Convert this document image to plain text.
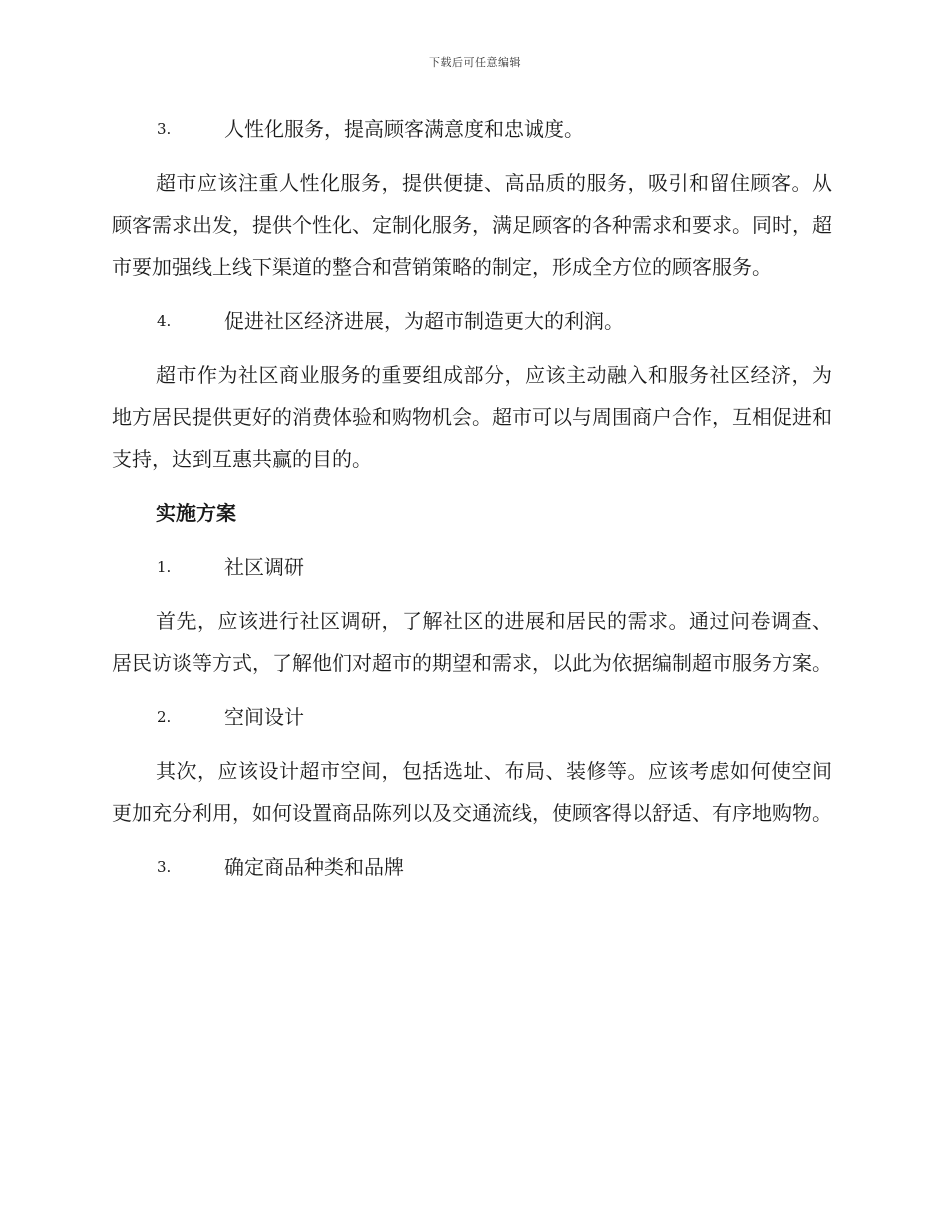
下载后可任意编辑
3.	人性化服务，提高顾客满意度和忠诚度。

超市应该注重人性化服务，提供便捷、高品质的服务，吸引和留住顾客。从顾客需求出发，提供个性化、定制化服务，满足顾客的各种需求和要求。同时，超市要加强线上线下渠道的整合和营销策略的制定，形成全方位的顾客服务。

4.	促进社区经济进展，为超市制造更大的利润。

超市作为社区商业服务的重要组成部分，应该主动融入和服务社区经济，为地方居民提供更好的消费体验和购物机会。超市可以与周围商户合作，互相促进和支持，达到互惠共赢的目的。

实施方案
1.	社区调研

首先，应该进行社区调研，了解社区的进展和居民的需求。通过问卷调查、居民访谈等方式，了解他们对超市的期望和需求，以此为依据编制超市服务方案。

2.	空间设计

其次，应该设计超市空间，包括选址、布局、装修等。应该考虑如何使空间更加充分利用，如何设置商品陈列以及交通流线，使顾客得以舒适、有序地购物。

3.	确定商品种类和品牌
